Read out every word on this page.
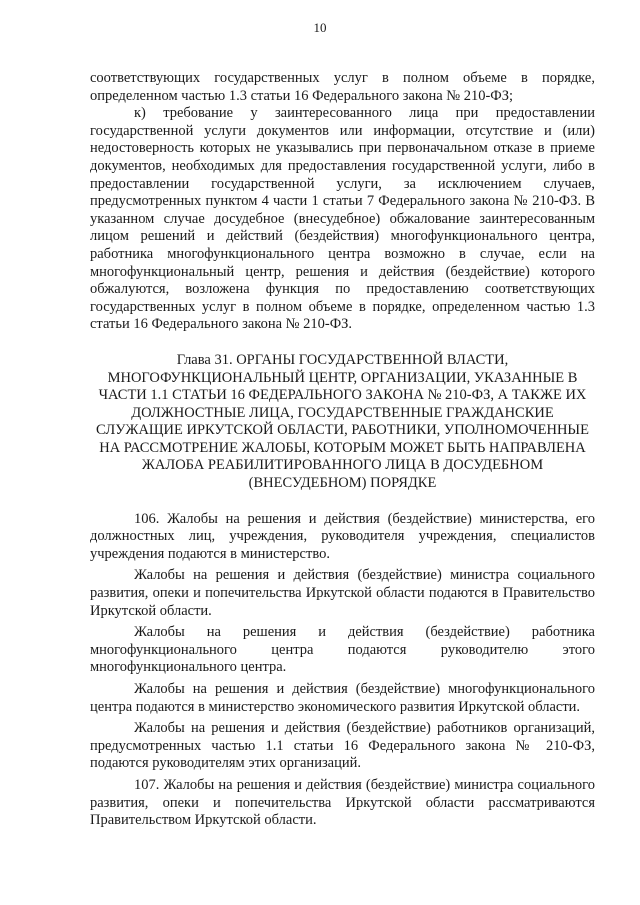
10

соответствующих государственных услуг в полном объеме в порядке, определенном частью 1.3 статьи 16 Федерального закона № 210-ФЗ;

к) требование у заинтересованного лица при предоставлении государственной услуги документов или информации, отсутствие и (или) недостоверность которых не указывались при первоначальном отказе в приеме документов, необходимых для предоставления государственной услуги, либо в предоставлении государственной услуги, за исключением случаев, предусмотренных пунктом 4 части 1 статьи 7 Федерального закона № 210-ФЗ. В указанном случае досудебное (внесудебное) обжалование заинтересованным лицом решений и действий (бездействия) многофункционального центра, работника многофункционального центра возможно в случае, если на многофункциональный центр, решения и действия (бездействие) которого обжалуются, возложена функция по предоставлению соответствующих государственных услуг в полном объеме в порядке, определенном частью 1.3 статьи 16 Федерального закона № 210-ФЗ.

Глава 31. ОРГАНЫ ГОСУДАРСТВЕННОЙ ВЛАСТИ, МНОГОФУНКЦИОНАЛЬНЫЙ ЦЕНТР, ОРГАНИЗАЦИИ, УКАЗАННЫЕ В ЧАСТИ 1.1 СТАТЬИ 16 ФЕДЕРАЛЬНОГО ЗАКОНА № 210-ФЗ, А ТАКЖЕ ИХ ДОЛЖНОСТНЫЕ ЛИЦА, ГОСУДАРСТВЕННЫЕ ГРАЖДАНСКИЕ СЛУЖАЩИЕ ИРКУТСКОЙ ОБЛАСТИ, РАБОТНИКИ, УПОЛНОМОЧЕННЫЕ НА РАССМОТРЕНИЕ ЖАЛОБЫ, КОТОРЫМ МОЖЕТ БЫТЬ НАПРАВЛЕНА ЖАЛОБА РЕАБИЛИТИРОВАННОГО ЛИЦА В ДОСУДЕБНОМ (ВНЕСУДЕБНОМ) ПОРЯДКЕ

106. Жалобы на решения и действия (бездействие) министерства, его должностных лиц, учреждения, руководителя учреждения, специалистов учреждения подаются в министерство.

Жалобы на решения и действия (бездействие) министра социального развития, опеки и попечительства Иркутской области подаются в Правительство Иркутской области.

Жалобы на решения и действия (бездействие) работника многофункционального центра подаются руководителю этого многофункционального центра.

Жалобы на решения и действия (бездействие) многофункционального центра подаются в министерство экономического развития Иркутской области.

Жалобы на решения и действия (бездействие) работников организаций, предусмотренных частью 1.1 статьи 16 Федерального закона № 210-ФЗ, подаются руководителям этих организаций.

107. Жалобы на решения и действия (бездействие) министра социального развития, опеки и попечительства Иркутской области рассматриваются Правительством Иркутской области.
